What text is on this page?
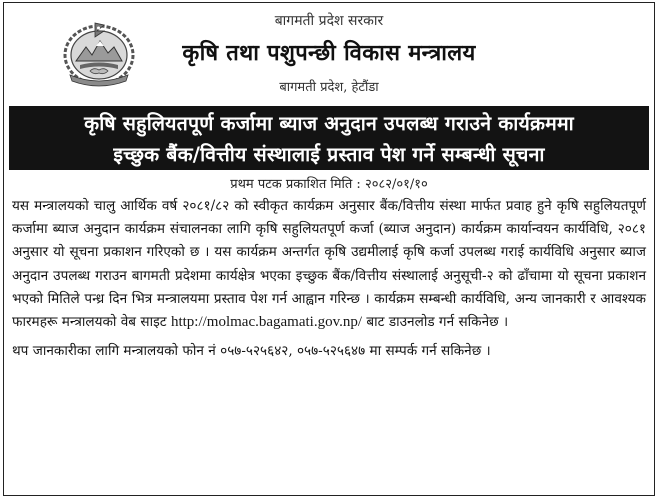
बागमती प्रदेश सरकार
कृषि तथा पशुपन्छी विकास मन्त्रालय
बागमती प्रदेश, हेटौंडा
कृषि सहुलियतपूर्ण कर्जामा ब्याज अनुदान उपलब्ध गराउने कार्यक्रममा
इच्छुक बैंक/वित्तीय संस्थालाई प्रस्ताव पेश गर्ने सम्बन्धी सूचना
प्रथम पटक प्रकाशित मिति : २०८२/०१/१०

यस मन्त्रालयको चालु आर्थिक वर्ष २०८१/८२ को स्वीकृत कार्यक्रम अनुसार बैंक/वित्तीय संस्था मार्फत प्रवाह हुने कृषि सहुलियतपूर्ण कर्जामा ब्याज अनुदान कार्यक्रम संचालनका लागि कृषि सहुलियतपूर्ण कर्जा (ब्याज अनुदान) कार्यक्रम कार्यान्वयन कार्यविधि, २०८१ अनुसार यो सूचना प्रकाशन गरिएको छ । यस कार्यक्रम अन्तर्गत कृषि उद्यमीलाई कृषि कर्जा उपलब्ध गराई कार्यविधि अनुसार ब्याज अनुदान उपलब्ध गराउन बागमती प्रदेशमा कार्यक्षेत्र भएका इच्छुक बैंक/वित्तीय संस्थालाई अनुसूची-२ को ढाँचामा यो सूचना प्रकाशन भएको मितिले पन्ध्र दिन भित्र मन्त्रालयमा प्रस्ताव पेश गर्न आह्वान गरिन्छ । कार्यक्रम सम्बन्धी कार्यविधि, अन्य जानकारी र आवश्यक फारमहरू मन्त्रालयको वेब साइट http://molmac.bagamati.gov.np/ बाट डाउनलोड गर्न सकिनेछ ।

थप जानकारीका लागि मन्त्रालयको फोन नं ०५७-५२५६४२, ०५७-५२५६४७ मा सम्पर्क गर्न सकिनेछ ।
